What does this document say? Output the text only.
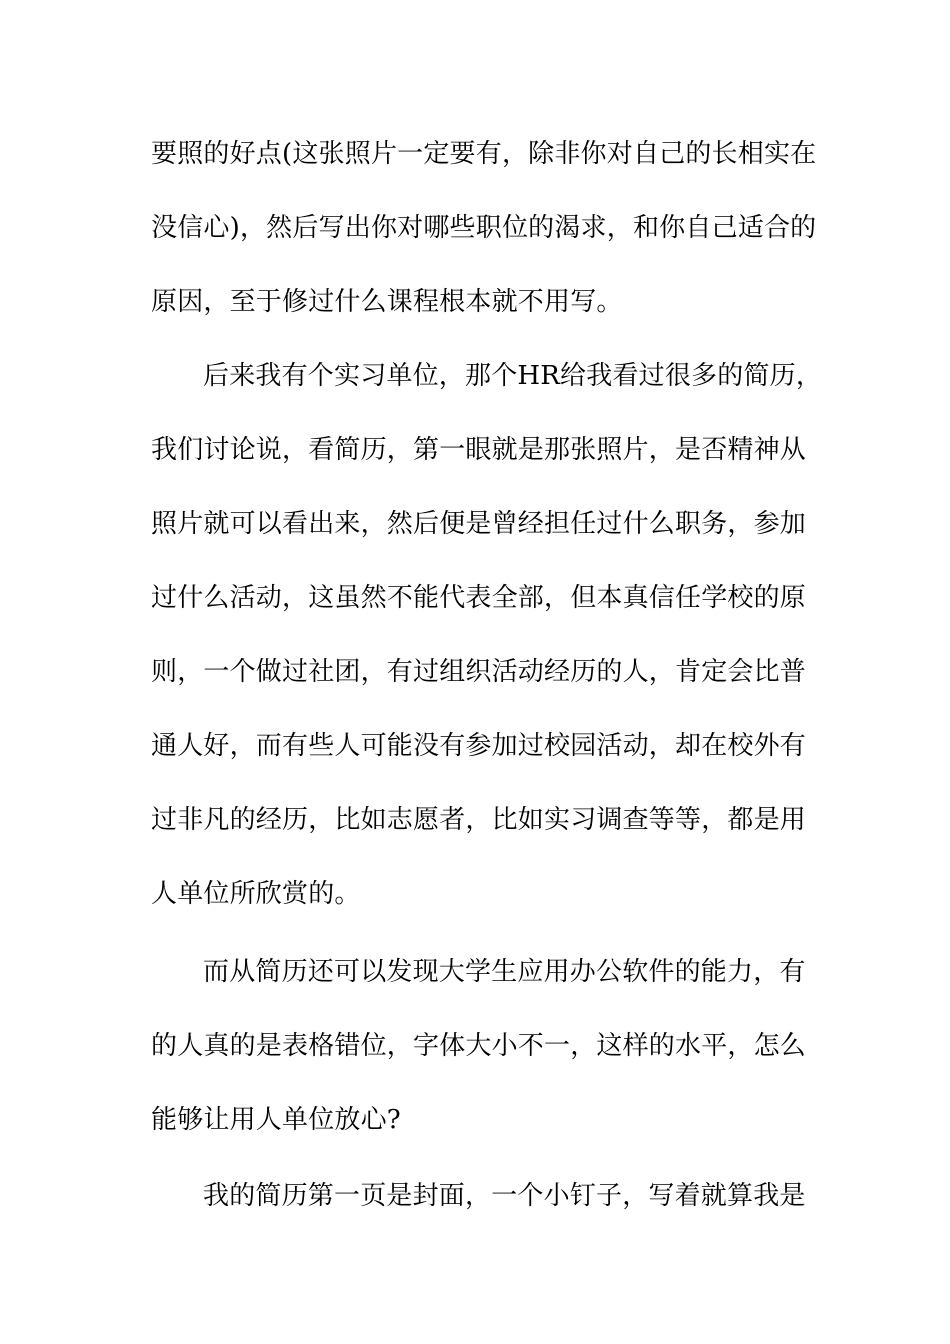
要照的好点(这张照片一定要有，除非你对自己的长相实在
没信心)，然后写出你对哪些职位的渴求，和你自己适合的
原因，至于修过什么课程根本就不用写。
后来我有个实习单位，那个HR给我看过很多的简历，
我们讨论说，看简历，第一眼就是那张照片，是否精神从
照片就可以看出来，然后便是曾经担任过什么职务，参加
过什么活动，这虽然不能代表全部，但本真信任学校的原
则，一个做过社团，有过组织活动经历的人，肯定会比普
通人好，而有些人可能没有参加过校园活动，却在校外有
过非凡的经历，比如志愿者，比如实习调查等等，都是用
人单位所欣赏的。
而从简历还可以发现大学生应用办公软件的能力，有
的人真的是表格错位，字体大小不一，这样的水平，怎么
能够让用人单位放心?
我的简历第一页是封面，一个小钉子，写着就算我是
